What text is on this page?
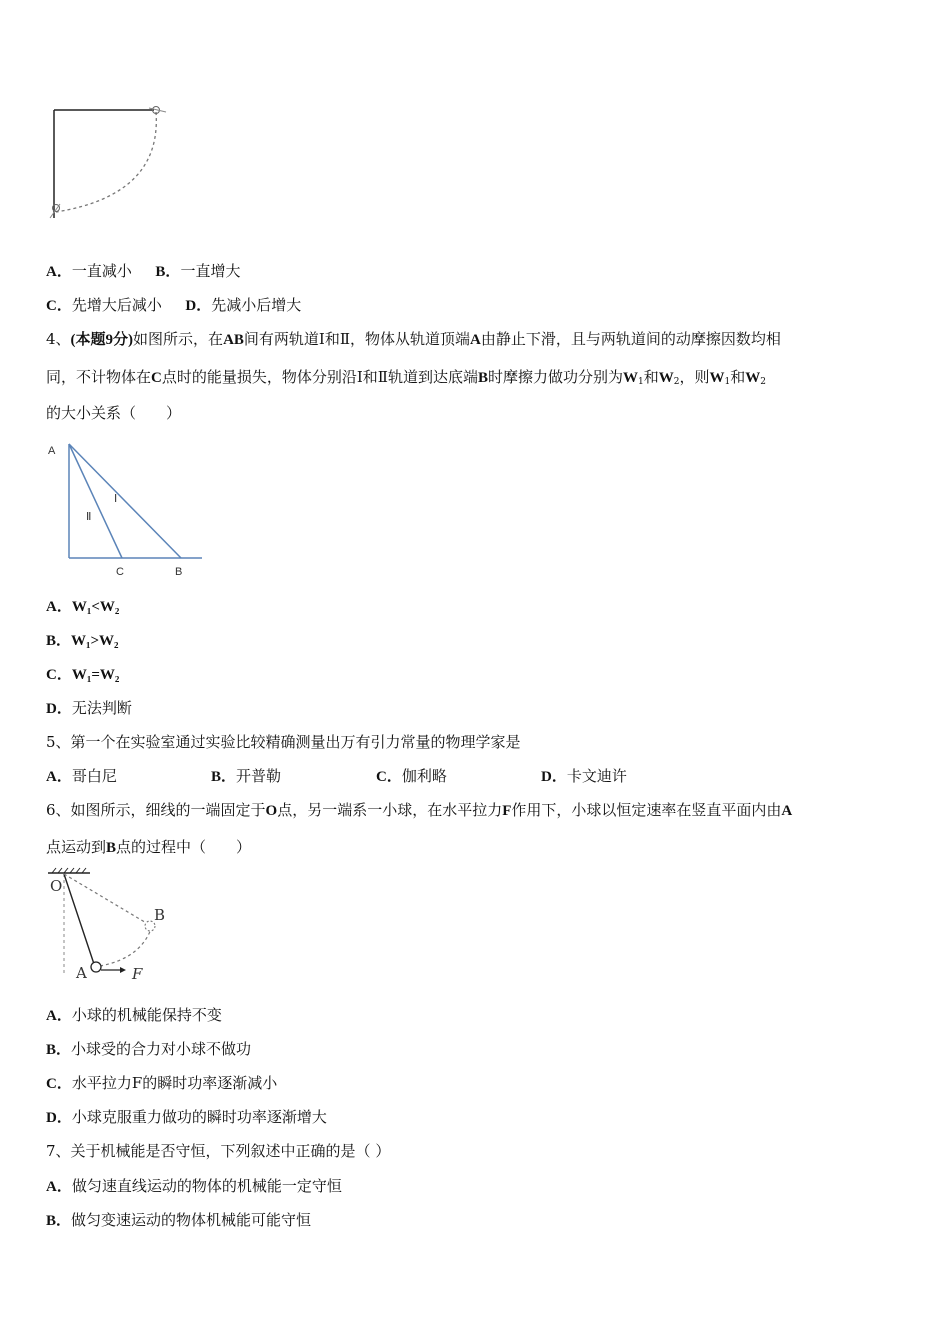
A．一直减小 B．一直增大
C．先增大后减小 D．先减小后增大
4、(本题9分)如图所示，在AB间有两轨道Ⅰ和Ⅱ，物体从轨道顶端A由静止下滑，且与两轨道间的动摩擦因数均相
同，不计物体在C点时的能量损失，物体分别沿Ⅰ和Ⅱ轨道到达底端B时摩擦力做功分别为$W_1$和$W_2$，则$W_1$和$W_2$
的大小关系（　　）
A
Ⅰ
Ⅱ
C	B
A．W₁<W₂
B．W₁>W₂
C．W₁=W₂
D．无法判断
5、第一个在实验室通过实验比较精确测量出万有引力常量的物理学家是
A．哥白尼	B．开普勒	C．伽利略	D．卡文迪许
6、如图所示，细线的一端固定于O点，另一端系一小球，在水平拉力F作用下，小球以恒定速率在竖直平面内由A
点运动到B点的过程中（　　）
O
B
A	F
A．小球的机械能保持不变
B．小球受的合力对小球不做功
C．水平拉力F的瞬时功率逐渐减小
D．小球克服重力做功的瞬时功率逐渐增大
7、关于机械能是否守恒，下列叙述中正确的是（ ）
A．做匀速直线运动的物体的机械能一定守恒
B．做匀变速运动的物体机械能可能守恒
